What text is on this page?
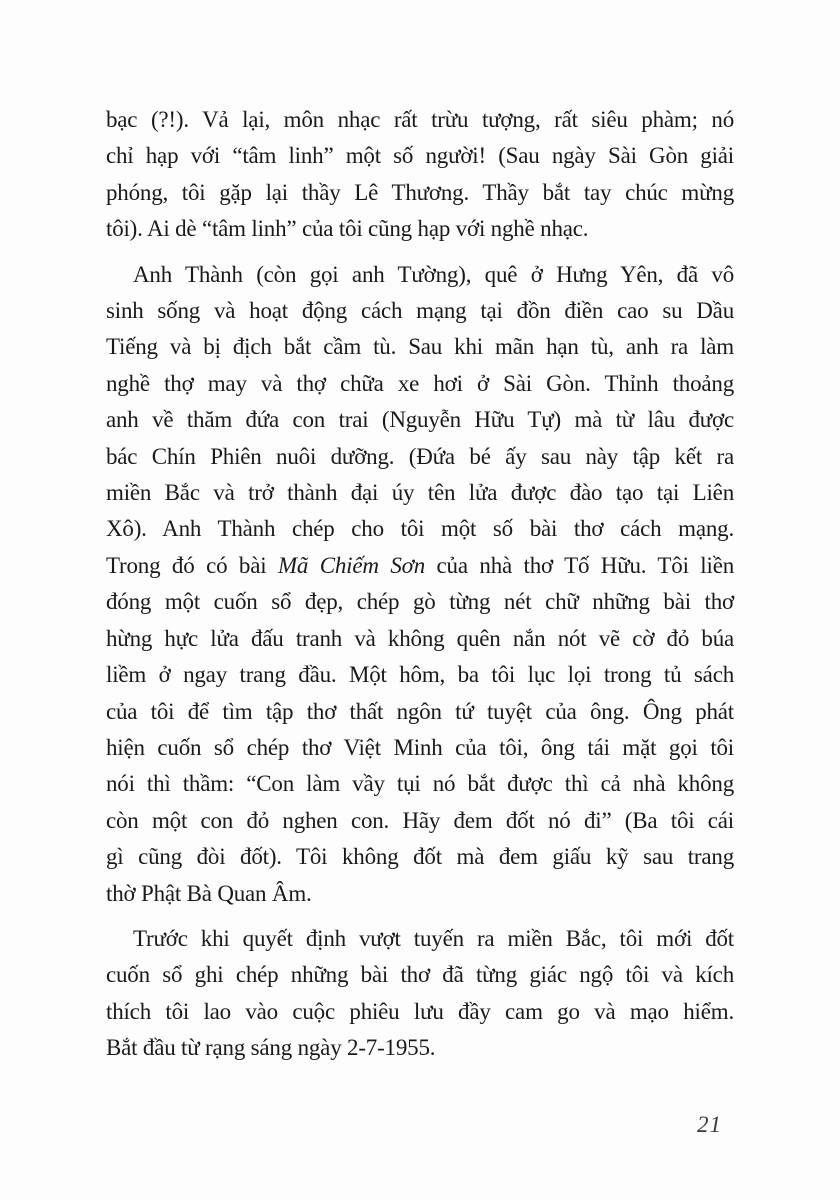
bạc (?!). Vả lại, môn nhạc rất trừu tượng, rất siêu phàm; nó
chỉ hạp với “tâm linh” một số người! (Sau ngày Sài Gòn giải
phóng, tôi gặp lại thầy Lê Thương. Thầy bắt tay chúc mừng
tôi). Ai dè “tâm linh” của tôi cũng hạp với nghề nhạc.
Anh Thành (còn gọi anh Tường), quê ở Hưng Yên, đã vô
sinh sống và hoạt động cách mạng tại đồn điền cao su Dầu
Tiếng và bị địch bắt cầm tù. Sau khi mãn hạn tù, anh ra làm
nghề thợ may và thợ chữa xe hơi ở Sài Gòn. Thỉnh thoảng
anh về thăm đứa con trai (Nguyễn Hữu Tự) mà từ lâu được
bác Chín Phiên nuôi dưỡng. (Đứa bé ấy sau này tập kết ra
miền Bắc và trở thành đại úy tên lửa được đào tạo tại Liên
Xô). Anh Thành chép cho tôi một số bài thơ cách mạng.
Trong đó có bài Mã Chiếm Sơn của nhà thơ Tố Hữu. Tôi liền
đóng một cuốn sổ đẹp, chép gò từng nét chữ những bài thơ
hừng hực lửa đấu tranh và không quên nắn nót vẽ cờ đỏ búa
liềm ở ngay trang đầu. Một hôm, ba tôi lục lọi trong tủ sách
của tôi để tìm tập thơ thất ngôn tứ tuyệt của ông. Ông phát
hiện cuốn sổ chép thơ Việt Minh của tôi, ông tái mặt gọi tôi
nói thì thầm: “Con làm vầy tụi nó bắt được thì cả nhà không
còn một con đỏ nghen con. Hãy đem đốt nó đi” (Ba tôi cái
gì cũng đòi đốt). Tôi không đốt mà đem giấu kỹ sau trang
thờ Phật Bà Quan Âm.
Trước khi quyết định vượt tuyến ra miền Bắc, tôi mới đốt
cuốn sổ ghi chép những bài thơ đã từng giác ngộ tôi và kích
thích tôi lao vào cuộc phiêu lưu đầy cam go và mạo hiểm.
Bắt đầu từ rạng sáng ngày 2-7-1955.
21
